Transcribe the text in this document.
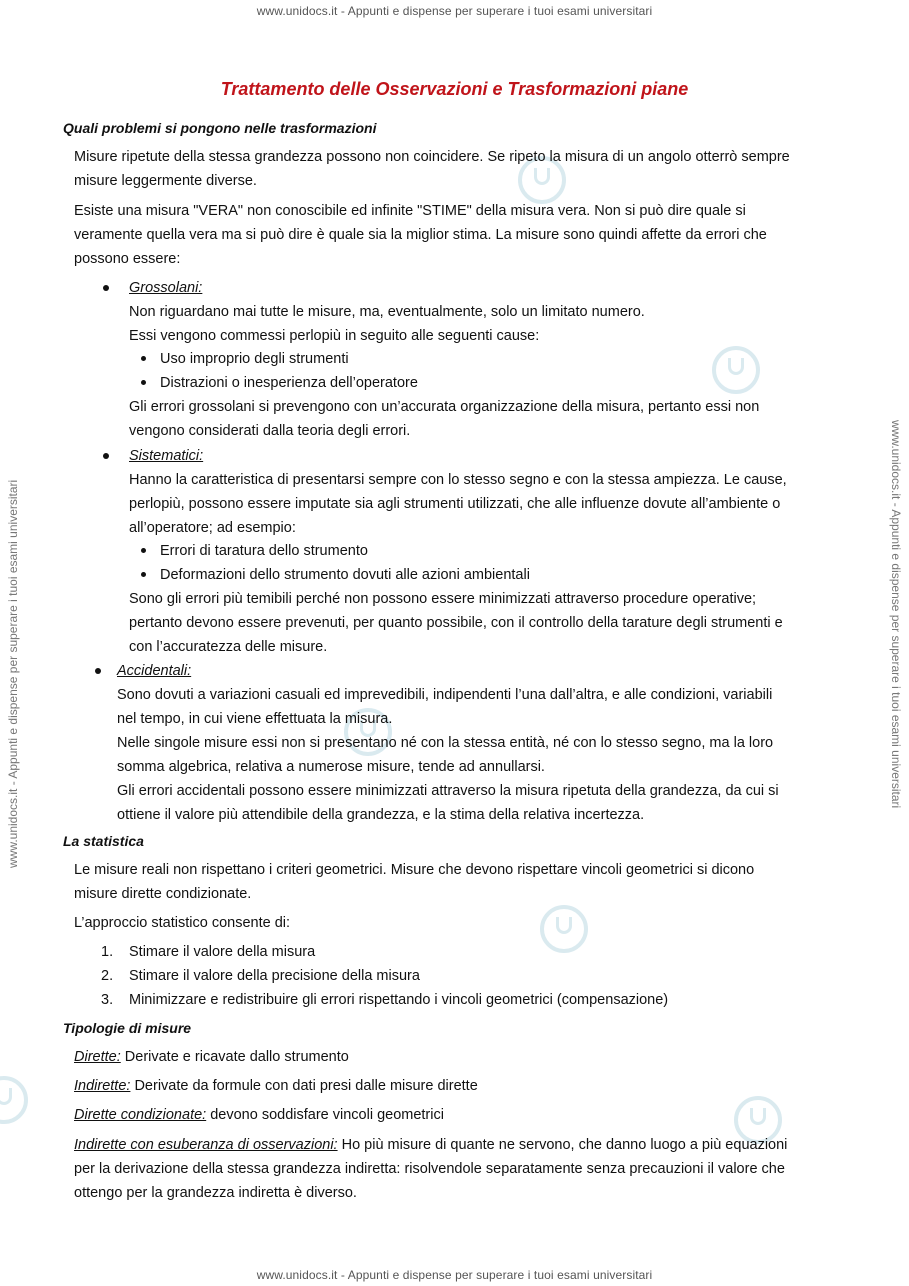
www.unidocs.it - Appunti e dispense per superare i tuoi esami universitari
www.unidocs.it - Appunti e dispense per superare i tuoi esami universitari
www.unidocs.it - Appunti e dispense per superare i tuoi esami universitari	www.unidocs.it - Appunti e dispense per superare i tuoi esami universitari
Trattamento delle Osservazioni e Trasformazioni piane
Quali problemi si pongono nelle trasformazioni
Misure ripetute della stessa grandezza possono non coincidere. Se ripeto la misura di un angolo otterrò sempre
misure leggermente diverse.
Esiste una misura "VERA" non conoscibile ed infinite "STIME" della misura vera. Non si può dire quale si
veramente quella vera ma si può dire è quale sia la miglior stima. La misure sono quindi affette da errori che
possono essere:
Grossolani:
Non riguardano mai tutte le misure, ma, eventualmente, solo un limitato numero.
Essi vengono commessi perlopiù in seguito alle seguenti cause:
Uso improprio degli strumenti
Distrazioni o inesperienza dell’operatore
Gli errori grossolani si prevengono con un’accurata organizzazione della misura, pertanto essi non
vengono considerati dalla teoria degli errori.
Sistematici:
Hanno la caratteristica di presentarsi sempre con lo stesso segno e con la stessa ampiezza. Le cause,
perlopiù, possono essere imputate sia agli strumenti utilizzati, che alle influenze dovute all’ambiente o
all’operatore; ad esempio:
Errori di taratura dello strumento
Deformazioni dello strumento dovuti alle azioni ambientali
Sono gli errori più temibili perché non possono essere minimizzati attraverso procedure operative;
pertanto devono essere prevenuti, per quanto possibile, con il controllo della tarature degli strumenti e
con l’accuratezza delle misure.
Accidentali:
Sono dovuti a variazioni casuali ed imprevedibili, indipendenti l’una dall’altra, e alle condizioni, variabili
nel tempo, in cui viene effettuata la misura.
Nelle singole misure essi non si presentano né con la stessa entità, né con lo stesso segno, ma la loro
somma algebrica, relativa a numerose misure, tende ad annullarsi.
Gli errori accidentali possono essere minimizzati attraverso la misura ripetuta della grandezza, da cui si
ottiene il valore più attendibile della grandezza, e la stima della relativa incertezza.
La statistica
Le misure reali non rispettano i criteri geometrici. Misure che devono rispettare vincoli geometrici si dicono
misure dirette condizionate.
L’approccio statistico consente di:
1.
2.
3.
Stimare il valore della misura
Stimare il valore della precisione della misura
Minimizzare e redistribuire gli errori rispettando i vincoli geometrici (compensazione)
Tipologie di misure
Dirette: Derivate e ricavate dallo strumento
Indirette: Derivate da formule con dati presi dalle misure dirette
Dirette condizionate: devono soddisfare vincoli geometrici
Indirette con esuberanza di osservazioni: Ho più misure di quante ne servono, che danno luogo a più equazioni
per la derivazione della stessa grandezza indiretta: risolvendole separatamente senza precauzioni il valore che
ottengo per la grandezza indiretta è diverso.
